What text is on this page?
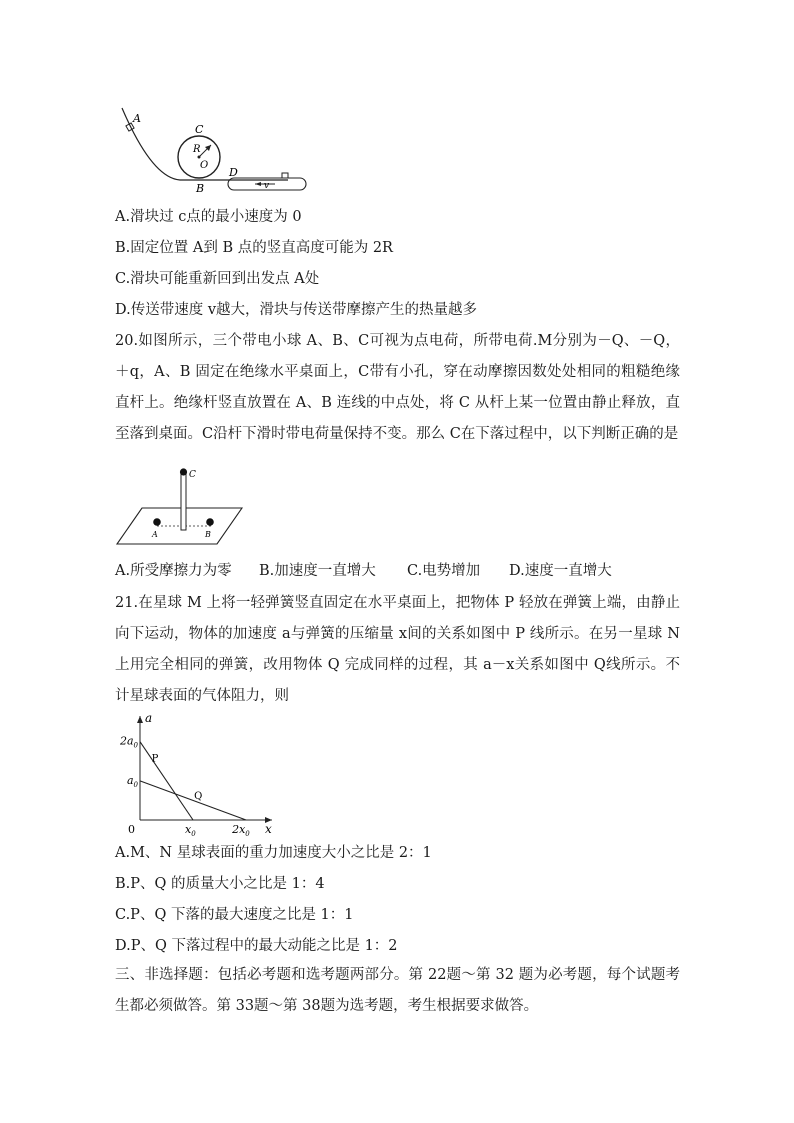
A
C
R
O
B
D
v
A.滑块过 c点的最小速度为 0
B.固定位置 A到 B 点的竖直高度可能为 2R
C.滑块可能重新回到出发点 A处
D.传送带速度 v越大，滑块与传送带摩擦产生的热量越多
20.如图所示，三个带电小球 A、B、C可视为点电荷，所带电荷.M分别为－Q、－Q，＋q，A、B 固定在绝缘水平桌面上，C带有小孔，穿在动摩擦因数处处相同的粗糙绝缘直杆上。绝缘杆竖直放置在 A、B 连线的中点处，将 C 从杆上某一位置由静止释放，直至落到桌面。C沿杆下滑时带电荷量保持不变。那么 C在下落过程中，以下判断正确的是
C
A	B
A.所受摩擦力为零	B.加速度一直增大	C.电势增加	D.速度一直增大
21.在星球 M 上将一轻弹簧竖直固定在水平桌面上，把物体 P 轻放在弹簧上端，由静止向下运动，物体的加速度 a与弹簧的压缩量 x间的关系如图中 P 线所示。在另一星球 N 上用完全相同的弹簧，改用物体 Q 完成同样的过程，其 a－x关系如图中 Q线所示。不计星球表面的气体阻力，则
P
Q
a
x
0	$x_0$	$2x_0$
$a_0$
$2a_0$
A.M、N 星球表面的重力加速度大小之比是 2：1
B.P、Q 的质量大小之比是 1：4
C.P、Q 下落的最大速度之比是 1：1
D.P、Q 下落过程中的最大动能之比是 1：2
三、非选择题：包括必考题和选考题两部分。第 22题～第 32 题为必考题，每个试题考生都必须做答。第 33题～第 38题为选考题，考生根据要求做答。
